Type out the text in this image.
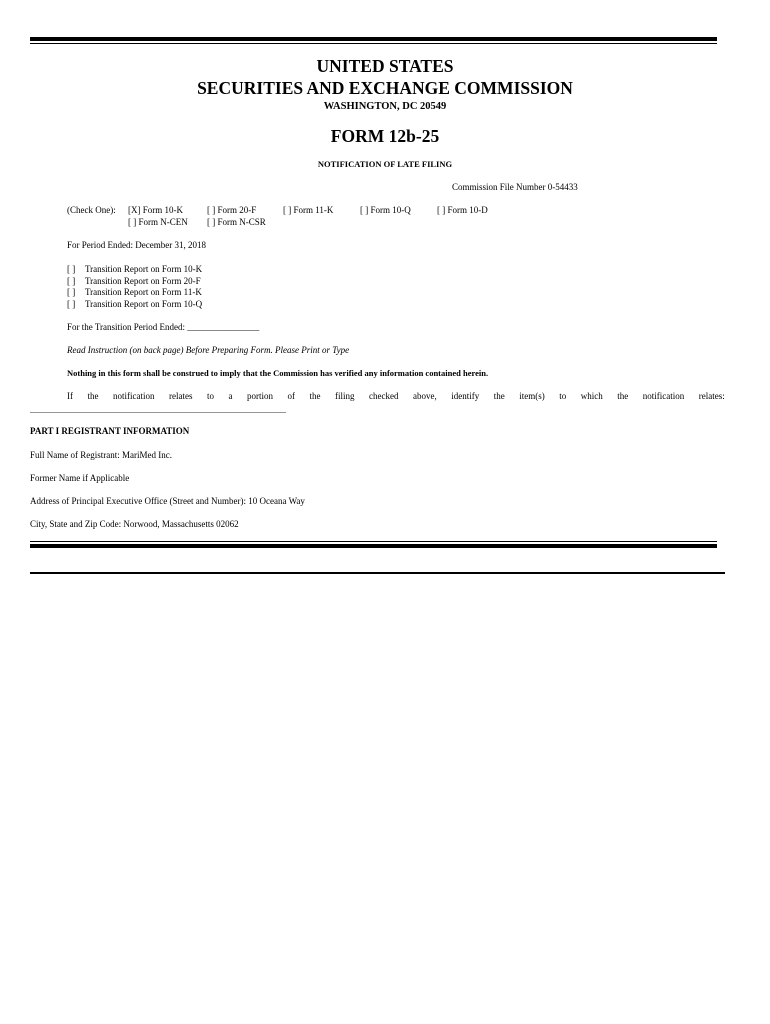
UNITED STATES
SECURITIES AND EXCHANGE COMMISSION
WASHINGTON, DC 20549
FORM 12b-25
NOTIFICATION OF LATE FILING
Commission File Number 0-54433
(Check One): [X] Form 10-K	[ ] Form 20-F	[ ] Form 11-K	[ ] Form 10-Q	[ ] Form 10-D
[ ] Form N-CEN [ ] Form N-CSR
For Period Ended: December 31, 2018
[ ] Transition Report on Form 10-K
[ ] Transition Report on Form 20-F
[ ] Transition Report on Form 11-K
[ ] Transition Report on Form 10-Q
For the Transition Period Ended: ________________
Read Instruction (on back page) Before Preparing Form. Please Print or Type
Nothing in this form shall be construed to imply that the Commission has verified any information contained herein.
If the notification relates to a portion of the filing checked above, identify the item(s) to which the notification relates:
________________________________________________________________
PART I REGISTRANT INFORMATION
Full Name of Registrant: MariMed Inc.
Former Name if Applicable
Address of Principal Executive Office (Street and Number): 10 Oceana Way
City, State and Zip Code: Norwood, Massachusetts 02062
